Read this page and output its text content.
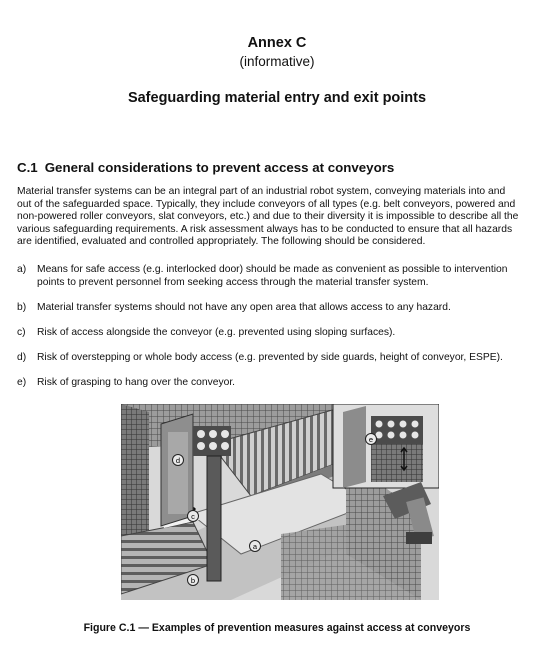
Annex C
(informative)
Safeguarding material entry and exit points
C.1 General considerations to prevent access at conveyors
Material transfer systems can be an integral part of an industrial robot system, conveying materials into and
out of the safeguarded space. Typically, they include conveyors of all types (e.g. belt conveyors, powered and
non-powered roller conveyors, slat conveyors, etc.) and due to their diversity it is impossible to describe all the
various safeguarding requirements. A risk assessment always has to be conducted to ensure that all hazards
are identified, evaluated and controlled appropriately. The following should be considered.
a) Means for safe access (e.g. interlocked door) should be made as convenient as possible to intervention
points to prevent personnel from seeking access through the material transfer system.
b) Material transfer systems should not have any open area that allows access to any hazard.
c) Risk of access alongside the conveyor (e.g. prevented using sloping surfaces).
d) Risk of overstepping or whole body access (e.g. prevented by side guards, height of conveyor, ESPE).
e) Risk of grasping to hang over the conveyor.
a
b
c
d
e
Figure C.1 — Examples of prevention measures against access at conveyors
